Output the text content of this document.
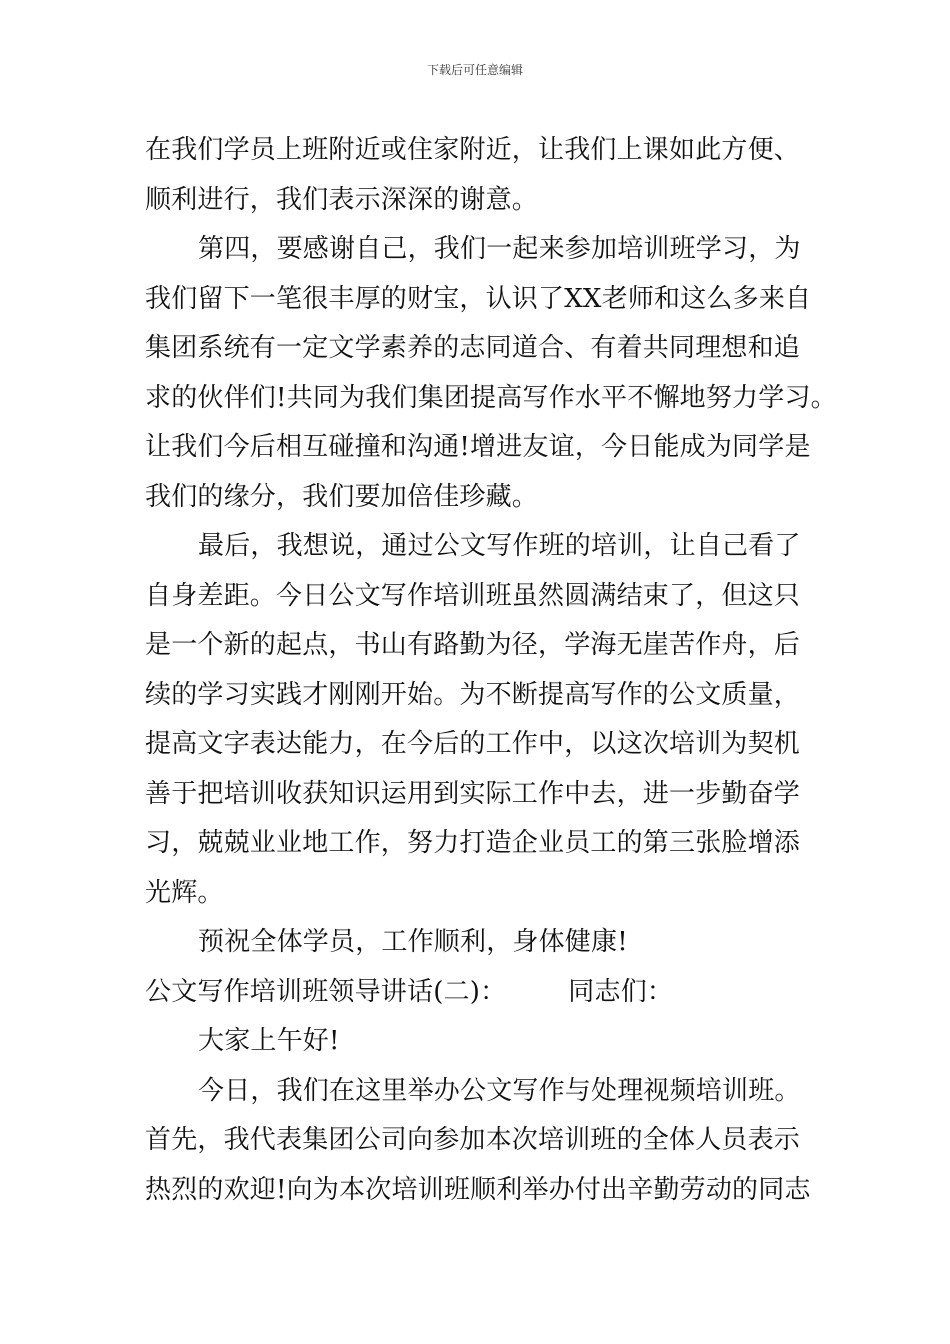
下载后可任意编辑
在我们学员上班附近或住家附近，让我们上课如此方便、
顺利进行，我们表示深深的谢意。
第四，要感谢自己，我们一起来参加培训班学习，为
我们留下一笔很丰厚的财宝，认识了XX老师和这么多来自
集团系统有一定文学素养的志同道合、有着共同理想和追
求的伙伴们!共同为我们集团提高写作水平不懈地努力学习。
让我们今后相互碰撞和沟通!增进友谊，今日能成为同学是
我们的缘分，我们要加倍佳珍藏。
最后，我想说，通过公文写作班的培训，让自己看了
自身差距。今日公文写作培训班虽然圆满结束了，但这只
是一个新的起点，书山有路勤为径，学海无崖苦作舟，后
续的学习实践才刚刚开始。为不断提高写作的公文质量，
提高文字表达能力，在今后的工作中，以这次培训为契机
善于把培训收获知识运用到实际工作中去，进一步勤奋学
习，兢兢业业地工作，努力打造企业员工的第三张脸增添
光辉。
预祝全体学员，工作顺利，身体健康!
公文写作培训班领导讲话(二)： 同志们：
大家上午好!
今日，我们在这里举办公文写作与处理视频培训班。
首先，我代表集团公司向参加本次培训班的全体人员表示
热烈的欢迎!向为本次培训班顺利举办付出辛勤劳动的同志
